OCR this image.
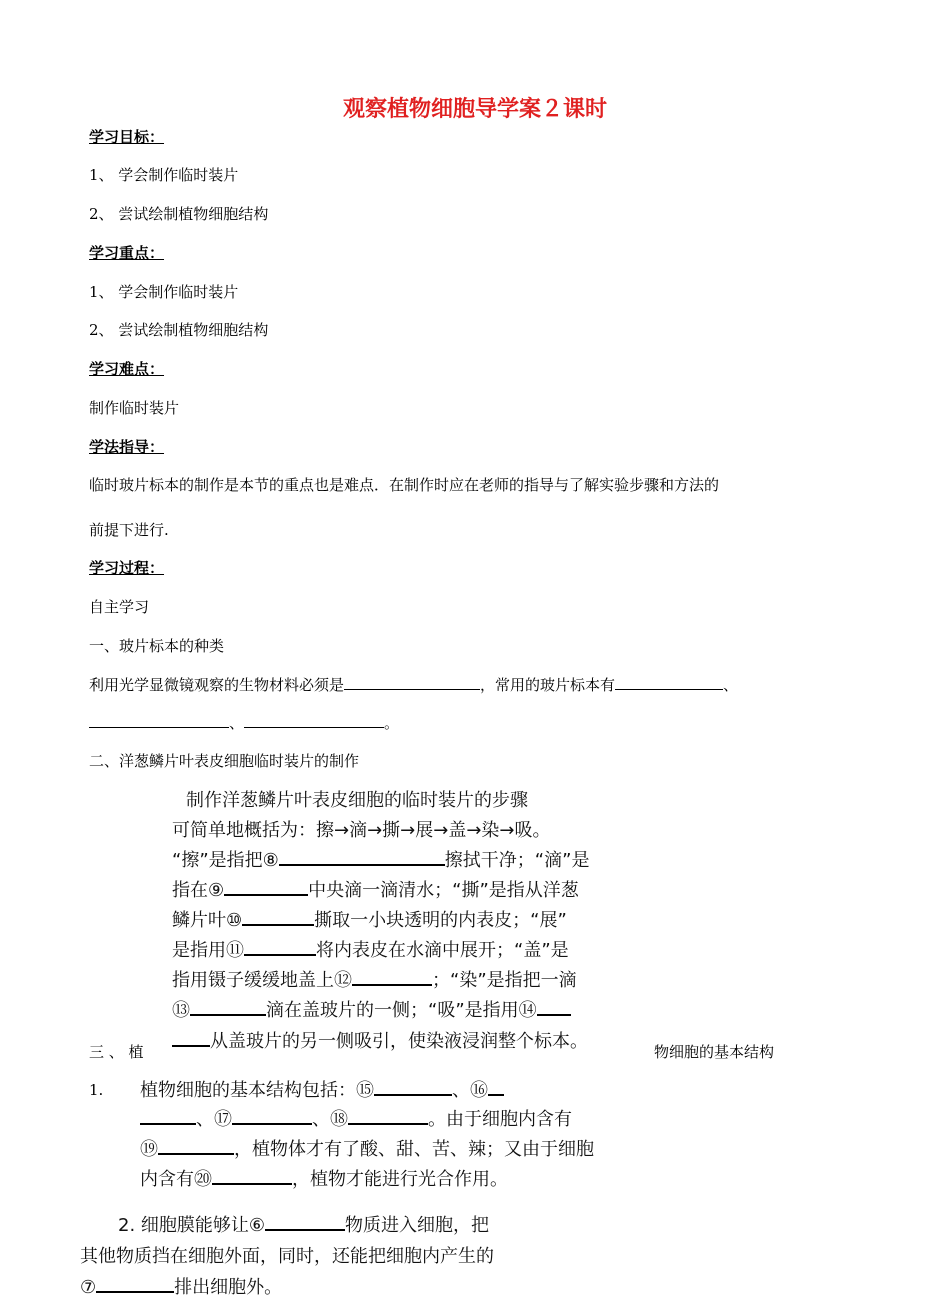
观察植物细胞导学案２课时
学习目标：
1、 学会制作临时装片
2、 尝试绘制植物细胞结构
学习重点：
1、 学会制作临时装片
2、 尝试绘制植物细胞结构
学习难点：
制作临时装片
学法指导：
临时玻片标本的制作是本节的重点也是难点．在制作时应在老师的指导与了解实验步骤和方法的
前提下进行.
学习过程：
自主学习
一、玻片标本的种类
利用光学显微镜观察的生物材料必须是	，常用的玻片标本有	、
、	。
二、洋葱鳞片叶表皮细胞临时装片的制作
制作洋葱鳞片叶表皮细胞的临时装片的步骤
可简单地概括为：擦→滴→撕→展→盖→染→吸。
“擦”是指把⑧	擦拭干净；“滴”是
指在⑨	中央滴一滴清水；“撕”是指从洋葱
鳞片叶⑩	撕取一小块透明的内表皮；“展”
是指用⑪	将内表皮在水滴中展开；“盖”是
指用镊子缓缓地盖上⑫	；“染”是指把一滴
⑬	滴在盖玻片的一侧；“吸”是指用⑭
三 、 植	从盖玻片的另一侧吸引，使染液浸润整个标本。	物细胞的基本结构
1. 植物细胞的基本结构包括：⑮	、⑯
、⑰	、⑱	。由于细胞内含有
⑲	，植物体才有了酸、甜、苦、辣；又由于细胞
内含有⑳	，植物才能进行光合作用。
2. 细胞膜能够让⑥	物质进入细胞，把
其他物质挡在细胞外面，同时，还能把细胞内产生的
⑦	排出细胞外。
